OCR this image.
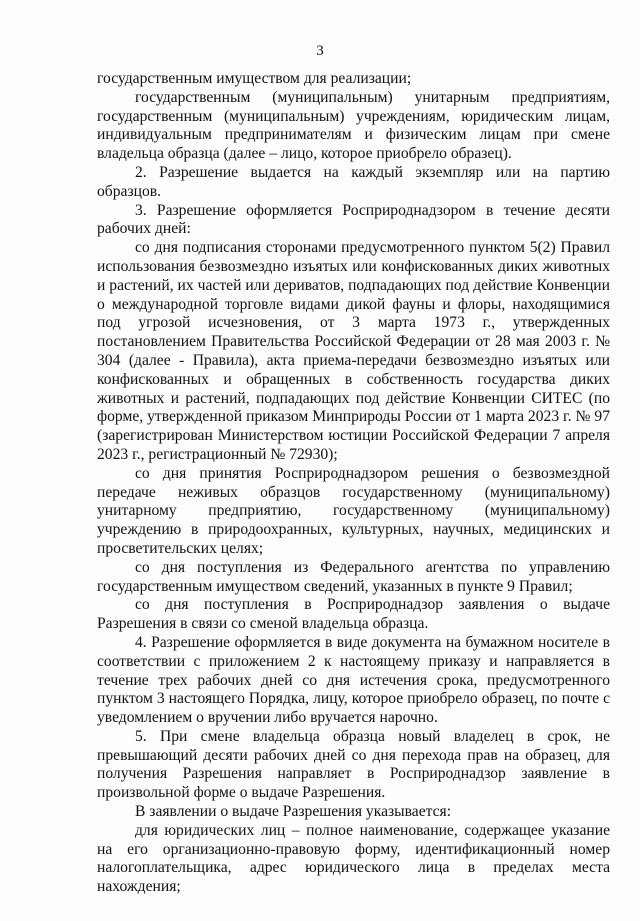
3

государственным имуществом для реализации;

государственным (муниципальным) унитарным предприятиям, государственным (муниципальным) учреждениям, юридическим лицам, индивидуальным предпринимателям и физическим лицам при смене владельца образца (далее – лицо, которое приобрело образец).

2. Разрешение выдается на каждый экземпляр или на партию образцов.

3. Разрешение оформляется Росприроднадзором в течение десяти рабочих дней:

со дня подписания сторонами предусмотренного пунктом 5(2) Правил использования безвозмездно изъятых или конфискованных диких животных и растений, их частей или дериватов, подпадающих под действие Конвенции о международной торговле видами дикой фауны и флоры, находящимися под угрозой исчезновения, от 3 марта 1973 г., утвержденных постановлением Правительства Российской Федерации от 28 мая 2003 г. № 304 (далее - Правила), акта приема-передачи безвозмездно изъятых или конфискованных и обращенных в собственность государства диких животных и растений, подпадающих под действие Конвенции СИТЕС (по форме, утвержденной приказом Минприроды России от 1 марта 2023 г. № 97 (зарегистрирован Министерством юстиции Российской Федерации 7 апреля 2023 г., регистрационный № 72930);

со дня принятия Росприроднадзором решения о безвозмездной передаче неживых образцов государственному (муниципальному) унитарному предприятию, государственному (муниципальному) учреждению в природоохранных, культурных, научных, медицинских и просветительских целях;

со дня поступления из Федерального агентства по управлению государственным имуществом сведений, указанных в пункте 9 Правил;

со дня поступления в Росприроднадзор заявления о выдаче Разрешения в связи со сменой владельца образца.

4. Разрешение оформляется в виде документа на бумажном носителе в соответствии с приложением 2 к настоящему приказу и направляется в течение трех рабочих дней со дня истечения срока, предусмотренного пунктом 3 настоящего Порядка, лицу, которое приобрело образец, по почте с уведомлением о вручении либо вручается нарочно.

5. При смене владельца образца новый владелец в срок, не превышающий десяти рабочих дней со дня перехода прав на образец, для получения Разрешения направляет в Росприроднадзор заявление в произвольной форме о выдаче Разрешения.

В заявлении о выдаче Разрешения указывается:

для юридических лиц – полное наименование, содержащее указание на его организационно-правовую форму, идентификационный номер налогоплательщика, адрес юридического лица в пределах места нахождения;
